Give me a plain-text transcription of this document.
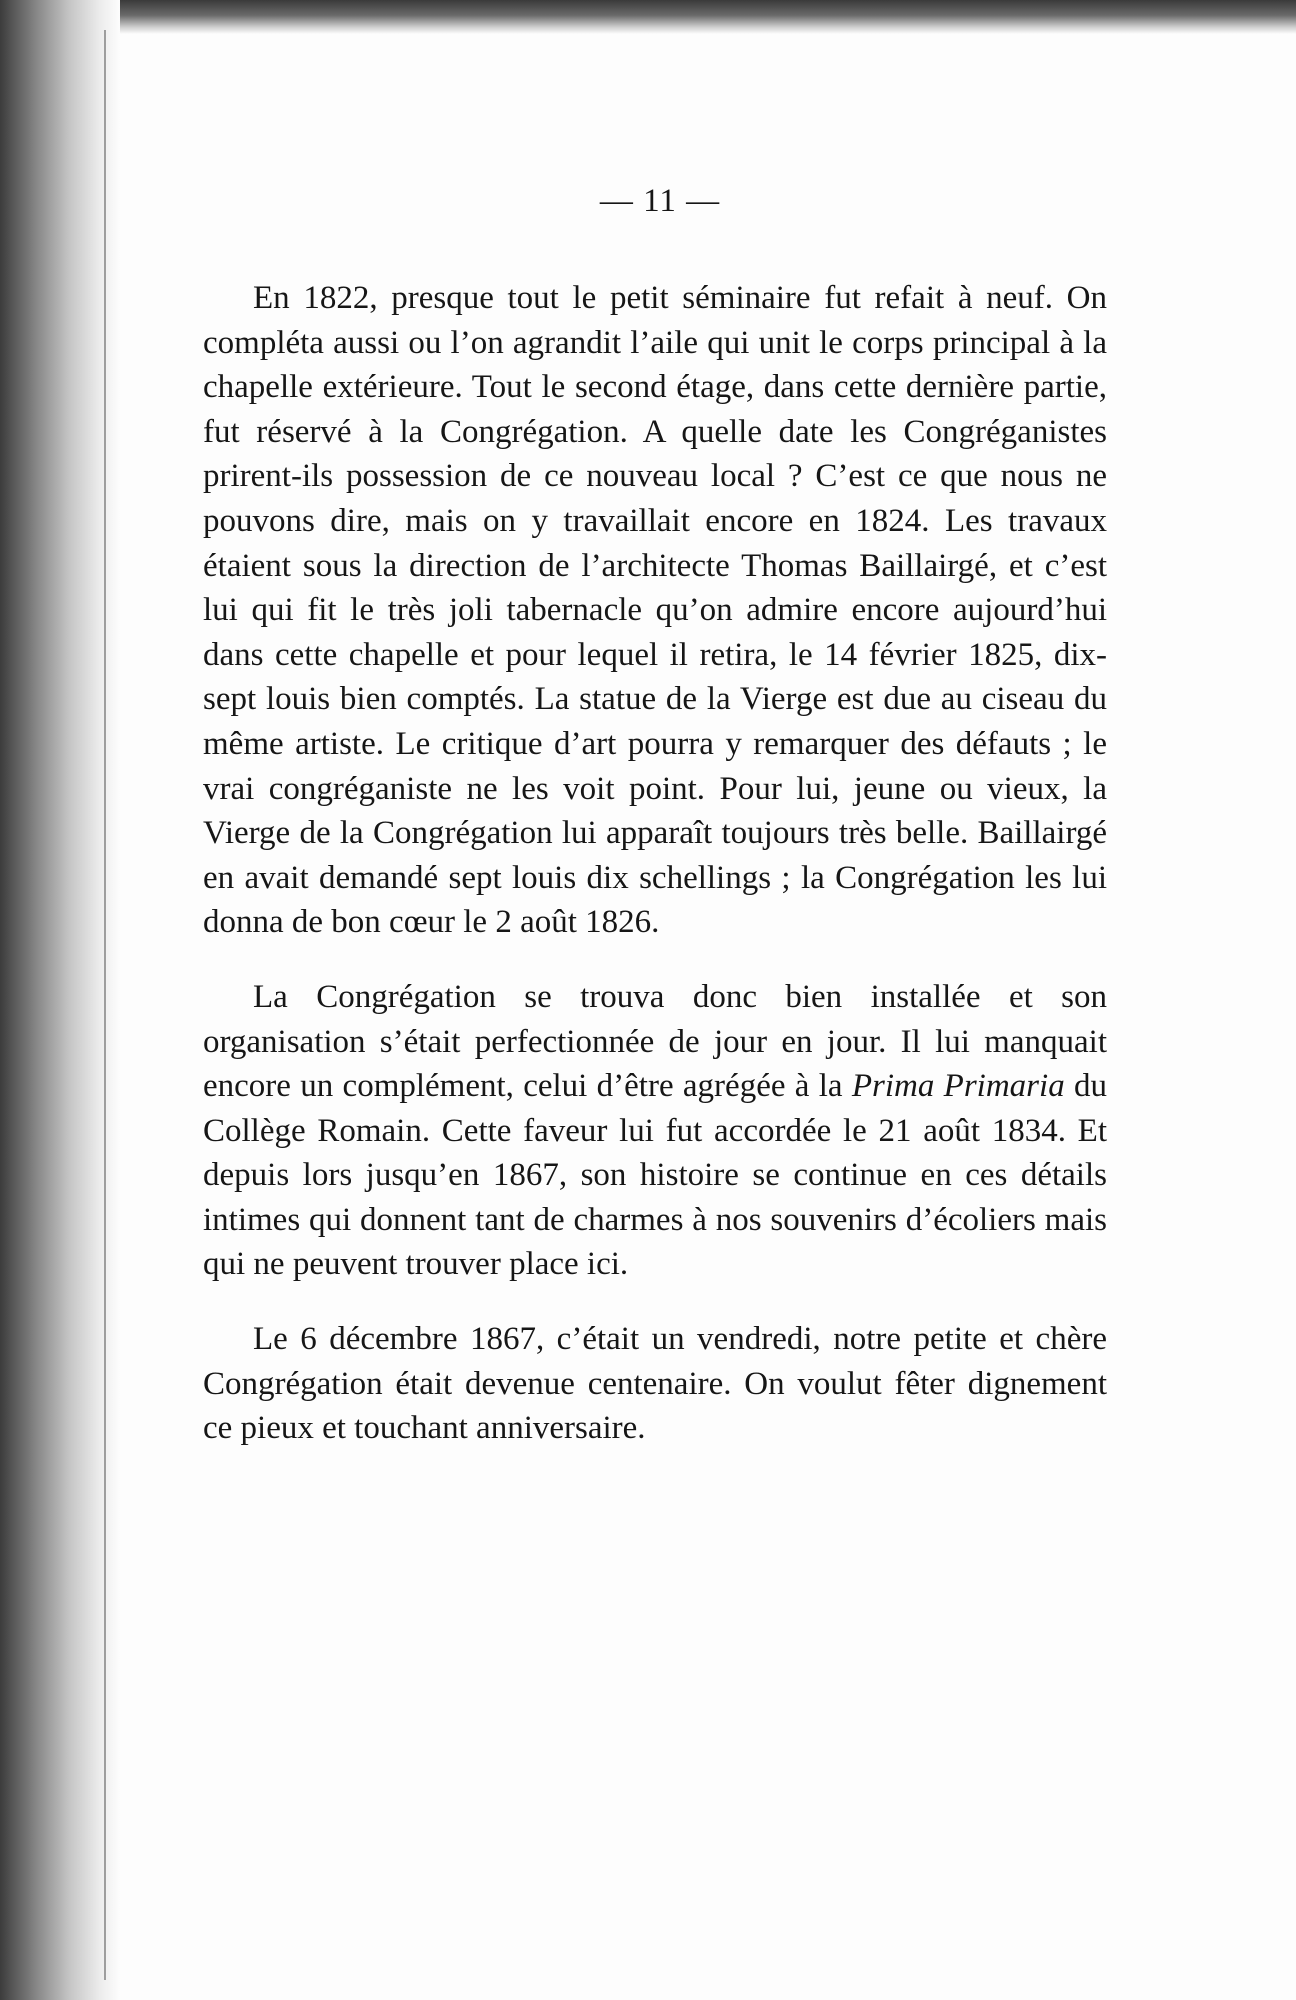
— 11 —

En 1822, presque tout le petit séminaire fut refait à neuf. On compléta aussi ou l’on agrandit l’aile qui unit le corps principal à la chapelle extérieure. Tout le second étage, dans cette dernière partie, fut réservé à la Congrégation. A quelle date les Congréganistes prirent-ils possession de ce nouveau local ? C’est ce que nous ne pouvons dire, mais on y travaillait encore en 1824. Les travaux étaient sous la direction de l’architecte Thomas Baillairgé, et c’est lui qui fit le très joli tabernacle qu’on admire encore aujourd’hui dans cette chapelle et pour lequel il retira, le 14 février 1825, dix-sept louis bien comptés. La statue de la Vierge est due au ciseau du même artiste. Le critique d’art pourra y remarquer des défauts ; le vrai congréganiste ne les voit point. Pour lui, jeune ou vieux, la Vierge de la Congrégation lui apparaît toujours très belle. Baillairgé en avait demandé sept louis dix schellings ; la Congrégation les lui donna de bon cœur le 2 août 1826.

La Congrégation se trouva donc bien installée et son organisation s’était perfectionnée de jour en jour. Il lui manquait encore un complément, celui d’être agrégée à la Prima Primaria du Collège Romain. Cette faveur lui fut accordée le 21 août 1834. Et depuis lors jusqu’en 1867, son histoire se continue en ces détails intimes qui donnent tant de charmes à nos souvenirs d’écoliers mais qui ne peuvent trouver place ici.

Le 6 décembre 1867, c’était un vendredi, notre petite et chère Congrégation était devenue centenaire. On voulut fêter dignement ce pieux et touchant anniversaire.
